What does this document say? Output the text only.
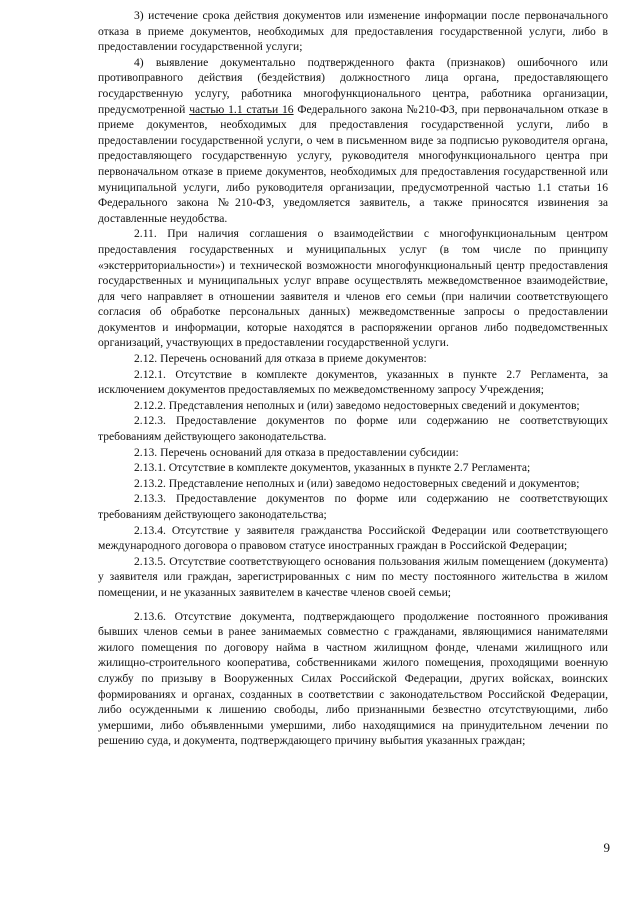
3) истечение срока действия документов или изменение информации после первоначального отказа в приеме документов, необходимых для предоставления государственной услуги, либо в предоставлении государственной услуги;

4) выявление документально подтвержденного факта (признаков) ошибочного или противоправного действия (бездействия) должностного лица органа, предоставляющего государственную услугу, работника многофункционального центра, работника организации, предусмотренной частью 1.1 статьи 16 Федерального закона №210-ФЗ, при первоначальном отказе в приеме документов, необходимых для предоставления государственной услуги, либо в предоставлении государственной услуги, о чем в письменном виде за подписью руководителя органа, предоставляющего государственную услугу, руководителя многофункционального центра при первоначальном отказе в приеме документов, необходимых для предоставления государственной или муниципальной услуги, либо руководителя организации, предусмотренной частью 1.1 статьи 16 Федерального закона №210-ФЗ, уведомляется заявитель, а также приносятся извинения за доставленные неудобства.

2.11. При наличия соглашения о взаимодействии с многофункциональным центром предоставления государственных и муниципальных услуг (в том числе по принципу «экстерриториальности») и технической возможности многофункциональный центр предоставления государственных и муниципальных услуг вправе осуществлять межведомственное взаимодействие, для чего направляет в отношении заявителя и членов его семьи (при наличии соответствующего согласия об обработке персональных данных) межведомственные запросы о предоставлении документов и информации, которые находятся в распоряжении органов либо подведомственных организаций, участвующих в предоставлении государственной услуги.

2.12. Перечень оснований для отказа в приеме документов:

2.12.1. Отсутствие в комплекте документов, указанных в пункте 2.7 Регламента, за исключением документов предоставляемых по межведомственному запросу Учреждения;

2.12.2. Представления неполных и (или) заведомо недостоверных сведений и документов;

2.12.3. Предоставление документов по форме или содержанию не соответствующих требованиям действующего законодательства.

2.13. Перечень оснований для отказа в предоставлении субсидии:

2.13.1. Отсутствие в комплекте документов, указанных в пункте 2.7 Регламента;

2.13.2. Представление неполных и (или) заведомо недостоверных сведений и документов;

2.13.3. Предоставление документов по форме или содержанию не соответствующих требованиям действующего законодательства;

2.13.4. Отсутствие у заявителя гражданства Российской Федерации или соответствующего международного договора о правовом статусе иностранных граждан в Российской Федерации;

2.13.5. Отсутствие соответствующего основания пользования жилым помещением (документа) у заявителя или граждан, зарегистрированных с ним по месту постоянного жительства в жилом помещении, и не указанных заявителем в качестве членов своей семьи;

2.13.6. Отсутствие документа, подтверждающего продолжение постоянного проживания бывших членов семьи в ранее занимаемых совместно с гражданами, являющимися нанимателями жилого помещения по договору найма в частном жилищном фонде, членами жилищного или жилищно-строительного кооператива, собственниками жилого помещения, проходящими военную службу по призыву в Вооруженных Силах Российской Федерации, других войсках, воинских формированиях и органах, созданных в соответствии с законодательством Российской Федерации, либо осужденными к лишению свободы, либо признанными безвестно отсутствующими, либо умершими, либо объявленными умершими, либо находящимися на принудительном лечении по решению суда, и документа, подтверждающего причину выбытия указанных граждан;

9
